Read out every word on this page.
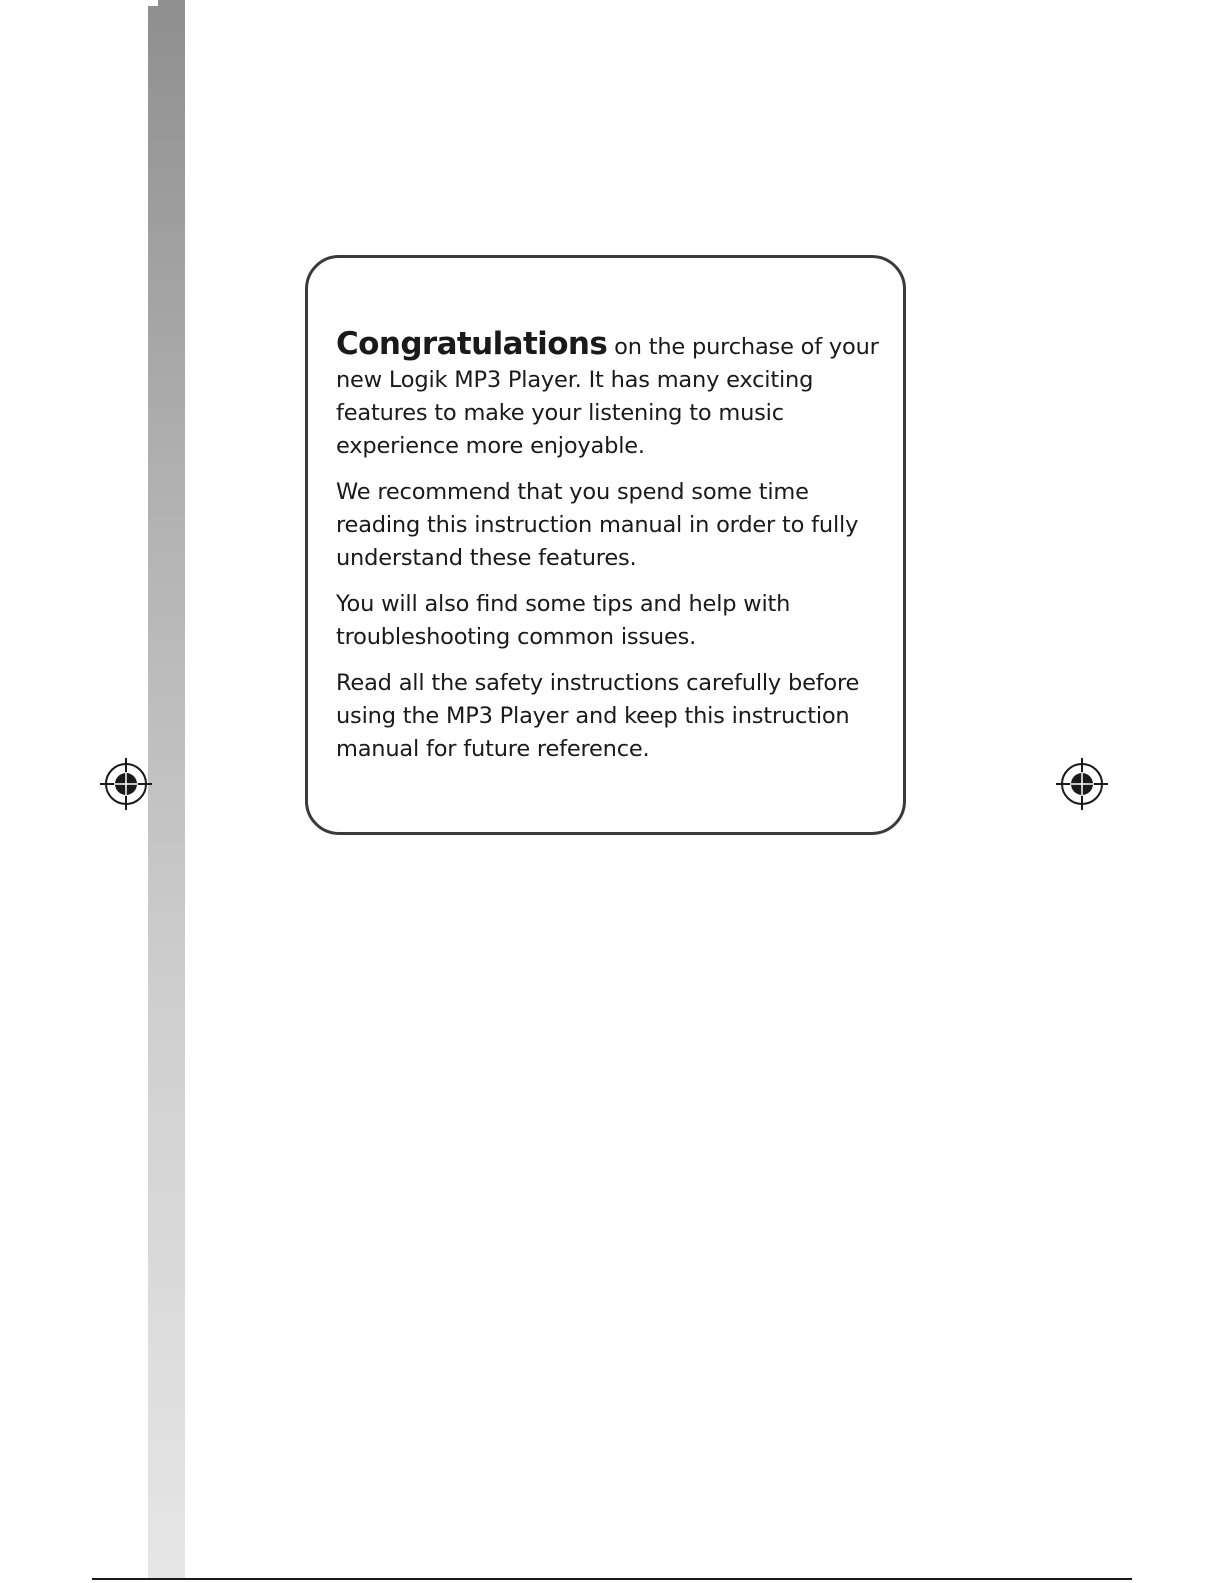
Congratulations on the purchase of your new Logik MP3 Player. It has many exciting features to make your listening to music experience more enjoyable.

We recommend that you spend some time reading this instruction manual in order to fully understand these features.

You will also ﬁnd some tips and help with troubleshooting common issues.

Read all the safety instructions carefully before using the MP3 Player and keep this instruction manual for future reference.
